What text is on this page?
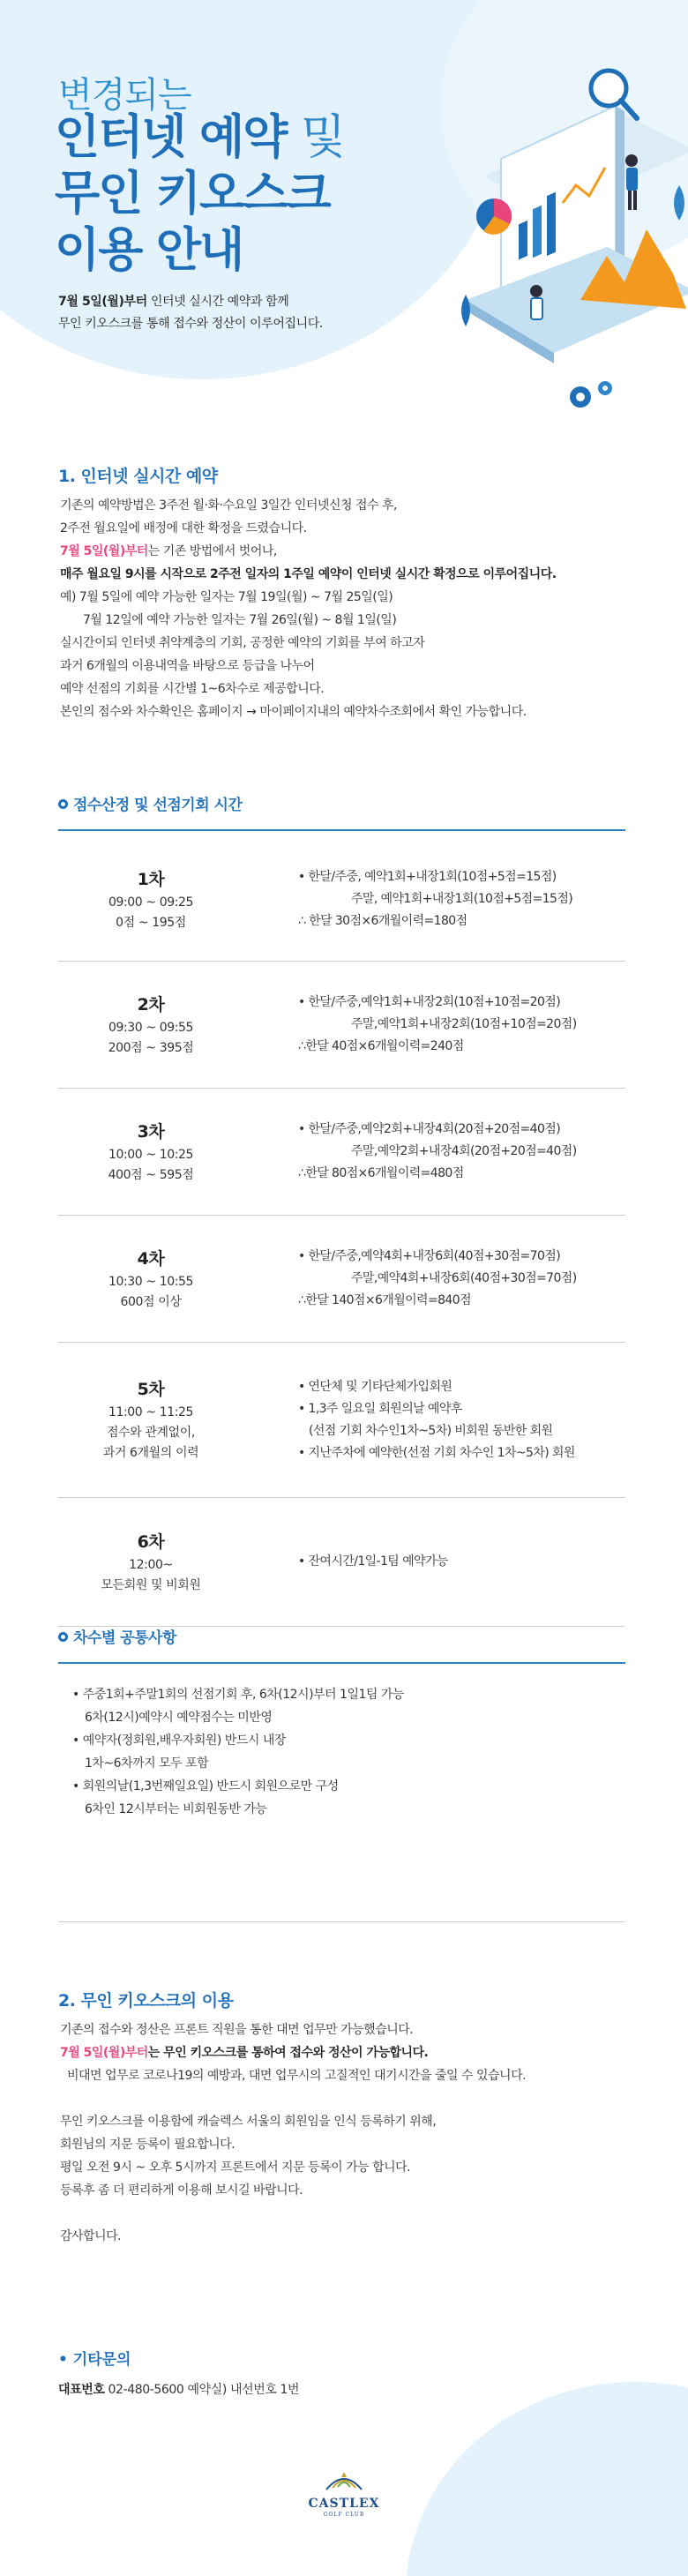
변경되는
인터넷 예약 및
무인 키오스크
이용 안내
7월 5일(월)부터 인터넷 실시간 예약과 함께
무인 키오스크를 통해 접수와 정산이 이루어집니다.
1. 인터넷 실시간 예약
기존의 예약방법은 3주전 월·화·수요일 3일간 인터넷신청 접수 후,
2주전 월요일에 배정에 대한 확정을 드렸습니다.
7월 5일(월)부터는 기존 방법에서 벗어나,
매주 월요일 9시를 시작으로 2주전 일자의 1주일 예약이 인터넷 실시간 확정으로 이루어집니다.
예) 7월 5일에 예약 가능한 일자는 7월 19일(월) ~ 7월 25일(일)
7월 12일에 예약 가능한 일자는 7월 26일(월) ~ 8월 1일(일)
실시간이되 인터넷 취약계층의 기회, 공정한 예약의 기회를 부여 하고자
과거 6개월의 이용내역을 바탕으로 등급을 나누어
예약 선점의 기회를 시간별 1~6차수로 제공합니다.
본인의 점수와 차수확인은 홈페이지 → 마이페이지내의 예약차수조회에서 확인 가능합니다.
점수산정 및 선점기회 시간
1차
09:00 ~ 09:25
0점 ~ 195점
• 한달/주중, 예약1회+내장1회(10점+5점=15점)
주말, 예약1회+내장1회(10점+5점=15점)
∴ 한달 30점×6개월이력=180점
2차
09:30 ~ 09:55
200점 ~ 395점
• 한달/주중,예약1회+내장2회(10점+10점=20점)
주말,예약1회+내장2회(10점+10점=20점)
∴한달 40점×6개월이력=240점
3차
10:00 ~ 10:25
400점 ~ 595점
• 한달/주중,예약2회+내장4회(20점+20점=40점)
주말,예약2회+내장4회(20점+20점=40점)
∴한달 80점×6개월이력=480점
4차
10:30 ~ 10:55
600점 이상
• 한달/주중,예약4회+내장6회(40점+30점=70점)
주말,예약4회+내장6회(40점+30점=70점)
∴한달 140점×6개월이력=840점
5차
11:00 ~ 11:25
점수와 관계없이,
과거 6개월의 이력
• 연단체 및 기타단체가입회원
• 1,3주 일요일 회원의날 예약후
(선점 기회 차수인1차~5차) 비회원 동반한 회원
• 지난주차에 예약한(선점 기회 차수인 1차~5차) 회원
6차
12:00~
모든회원 및 비회원
• 잔여시간/1일-1팀 예약가능
차수별 공통사항
• 주중1회+주말1회의 선점기회 후, 6차(12시)부터 1일1팀 가능
6차(12시)예약시 예약점수는 미반영
• 예약자(정회원,배우자회원) 반드시 내장
1차~6차까지 모두 포함
• 회원의날(1,3번째일요일) 반드시 회원으로만 구성
6차인 12시부터는 비회원동반 가능
2. 무인 키오스크의 이용
기존의 접수와 정산은 프론트 직원을 통한 대면 업무만 가능했습니다.
7월 5일(월)부터는 무인 키오스크를 통하여 접수와 정산이 가능합니다.
비대면 업무로 코로나19의 예방과, 대면 업무시의 고질적인 대기시간을 줄일 수 있습니다.
무인 키오스크를 이용함에 캐슬렉스 서울의 회원임을 인식 등록하기 위해,
회원님의 지문 등록이 필요합니다.
평일 오전 9시 ~ 오후 5시까지 프론트에서 지문 등록이 가능 합니다.
등록후 좀 더 편리하게 이용해 보시길 바랍니다.
감사합니다.
• 기타문의
대표번호 02-480-5600 예약실) 내선번호 1번
CASTLEX
GOLF CLUB
